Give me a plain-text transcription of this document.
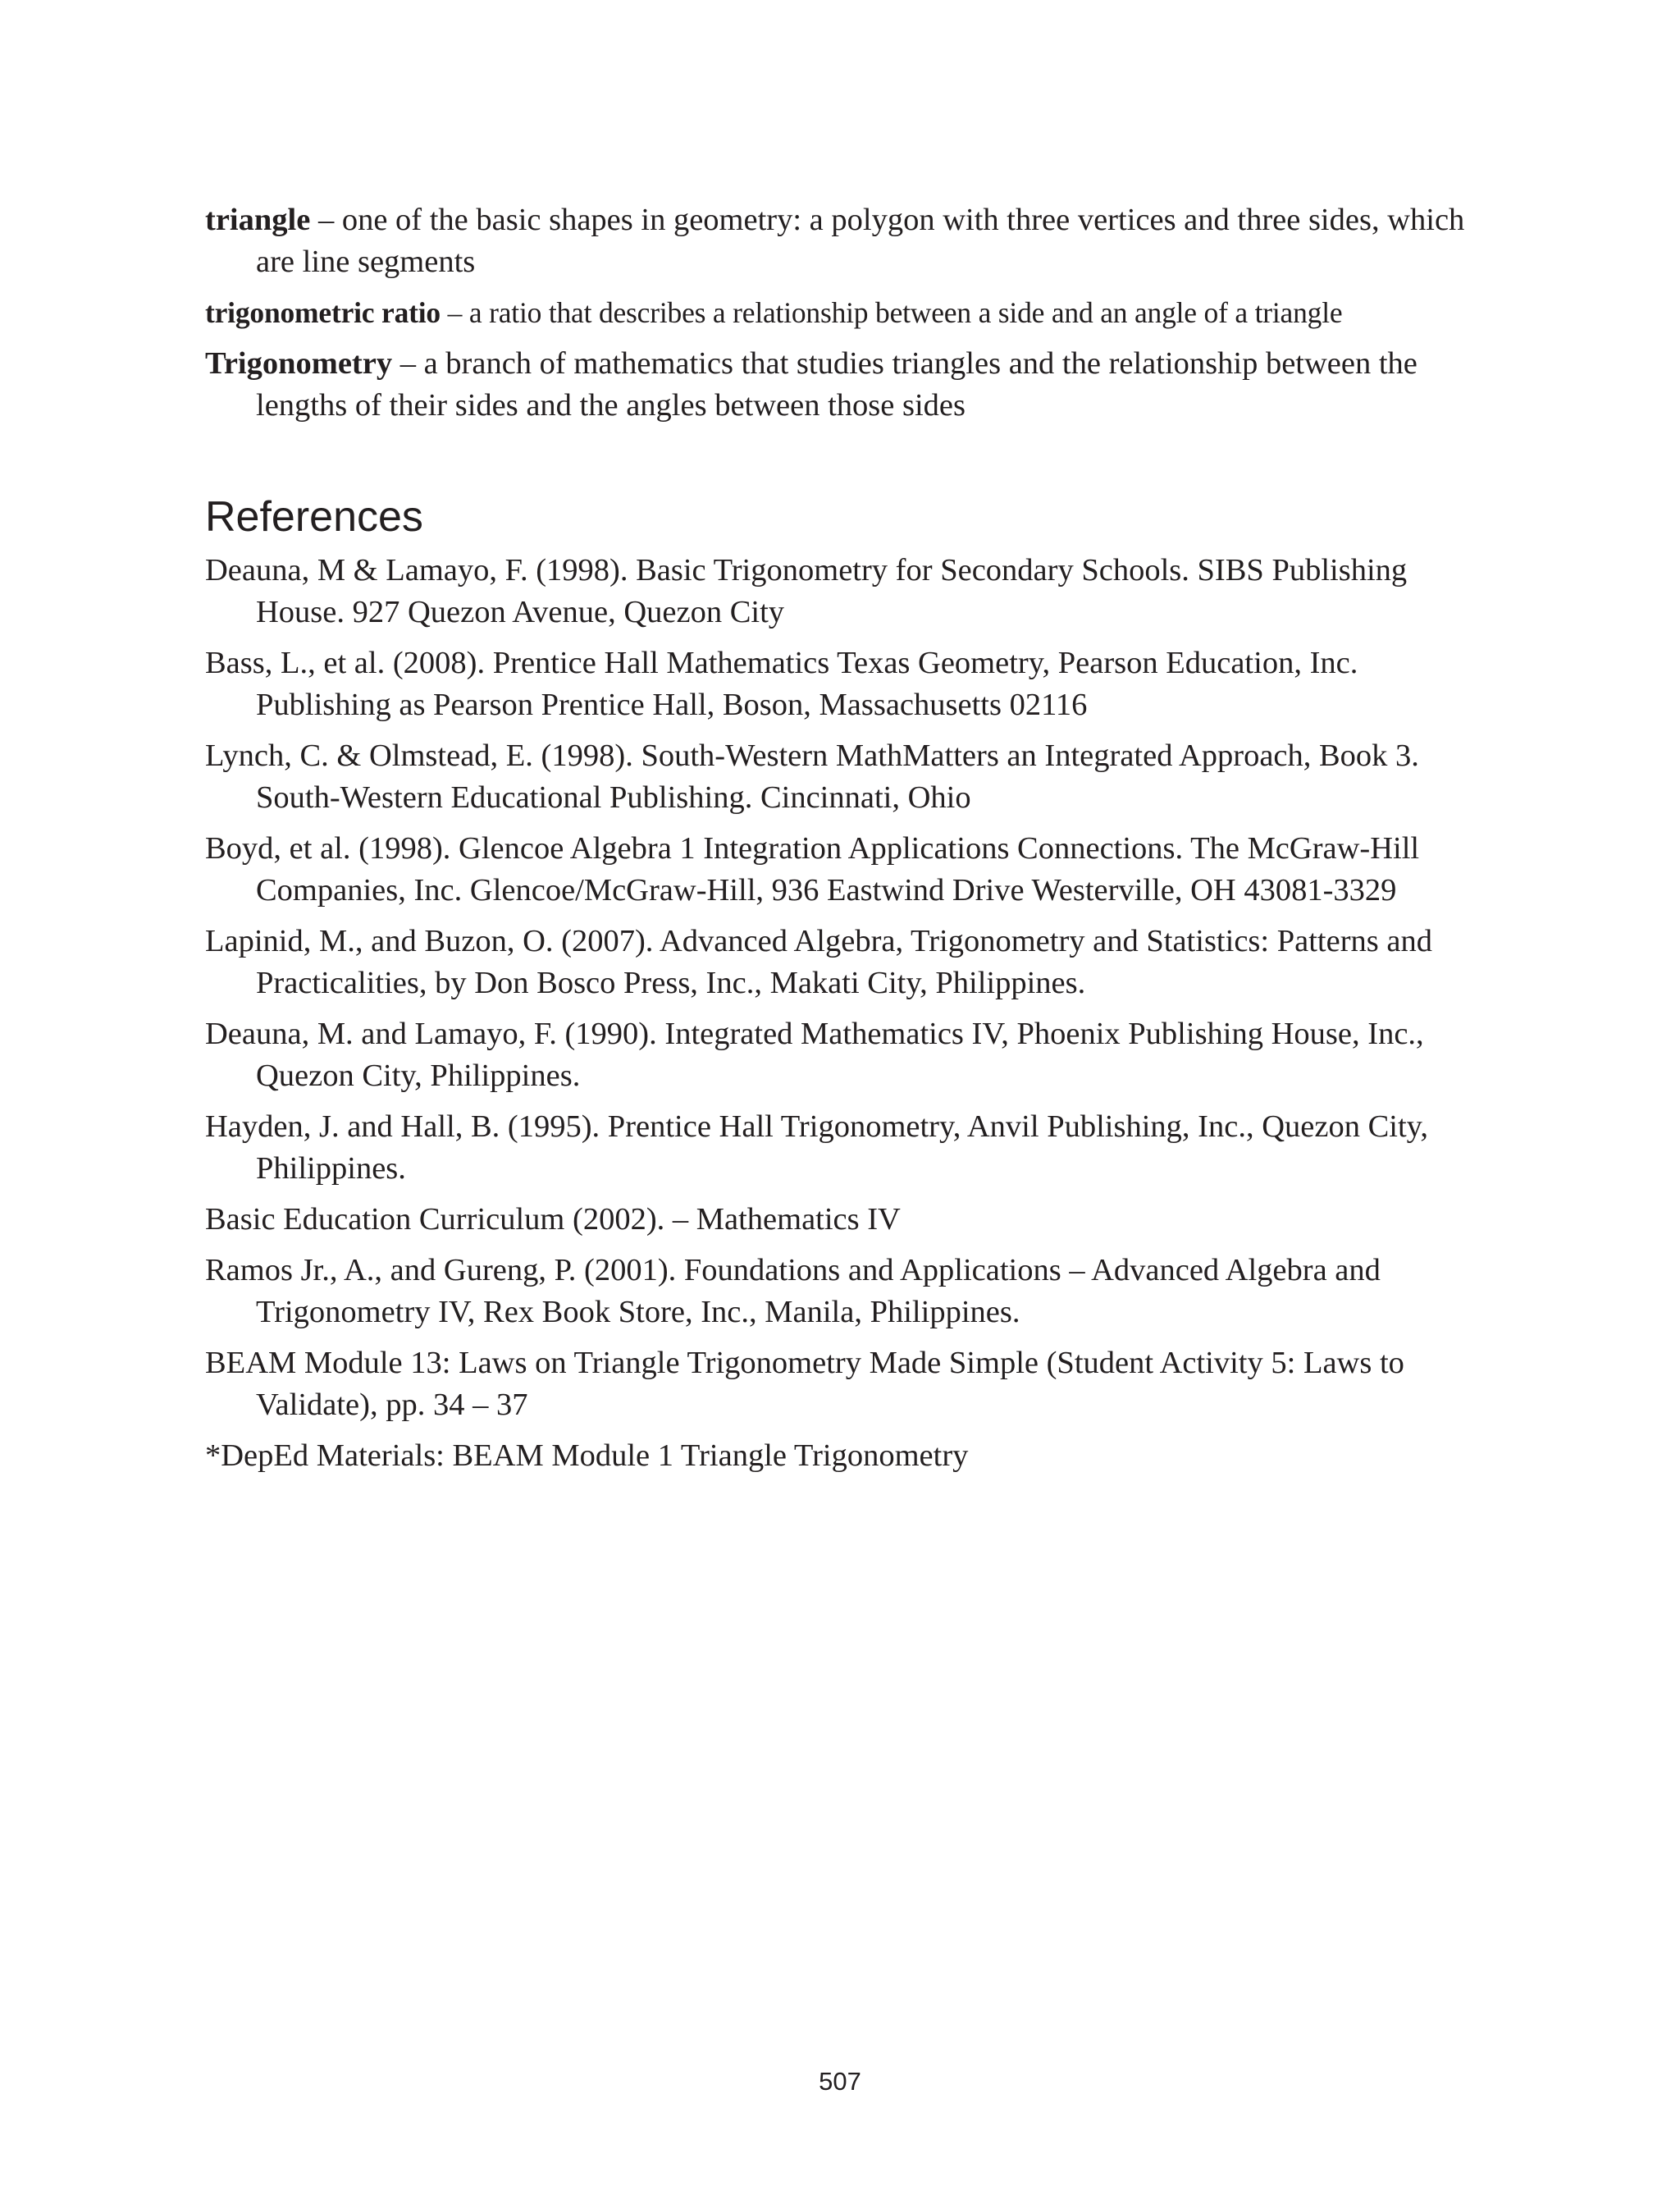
triangle – one of the basic shapes in geometry: a polygon with three vertices and three sides, which are line segments

trigonometric ratio – a ratio that describes a relationship between a side and an angle of a triangle

Trigonometry – a branch of mathematics that studies triangles and the relationship between the lengths of their sides and the angles between those sides

References

Deauna, M & Lamayo, F. (1998). Basic Trigonometry for Secondary Schools. SIBS Publishing House. 927 Quezon Avenue, Quezon City

Bass, L., et al. (2008). Prentice Hall Mathematics Texas Geometry, Pearson Education, Inc. Publishing as Pearson Prentice Hall, Boson, Massachusetts 02116

Lynch, C. & Olmstead, E. (1998). South-Western MathMatters an Integrated Approach, Book 3. South-Western Educational Publishing. Cincinnati, Ohio

Boyd, et al. (1998). Glencoe Algebra 1 Integration Applications Connections. The McGraw-Hill Companies, Inc. Glencoe/McGraw-Hill, 936 Eastwind Drive Westerville, OH 43081-3329

Lapinid, M., and Buzon, O. (2007). Advanced Algebra, Trigonometry and Statistics: Patterns and Practicalities, by Don Bosco Press, Inc., Makati City, Philippines.

Deauna, M. and Lamayo, F. (1990). Integrated Mathematics IV, Phoenix Publishing House, Inc., Quezon City, Philippines.

Hayden, J. and Hall, B. (1995). Prentice Hall Trigonometry, Anvil Publishing, Inc., Quezon City, Philippines.

Basic Education Curriculum (2002). – Mathematics IV

Ramos Jr., A., and Gureng, P. (2001). Foundations and Applications – Advanced Algebra and Trigonometry IV, Rex Book Store, Inc., Manila, Philippines.

BEAM Module 13: Laws on Triangle Trigonometry Made Simple (Student Activity 5: Laws to Validate), pp. 34 – 37

*DepEd Materials: BEAM Module 1 Triangle Trigonometry

507
